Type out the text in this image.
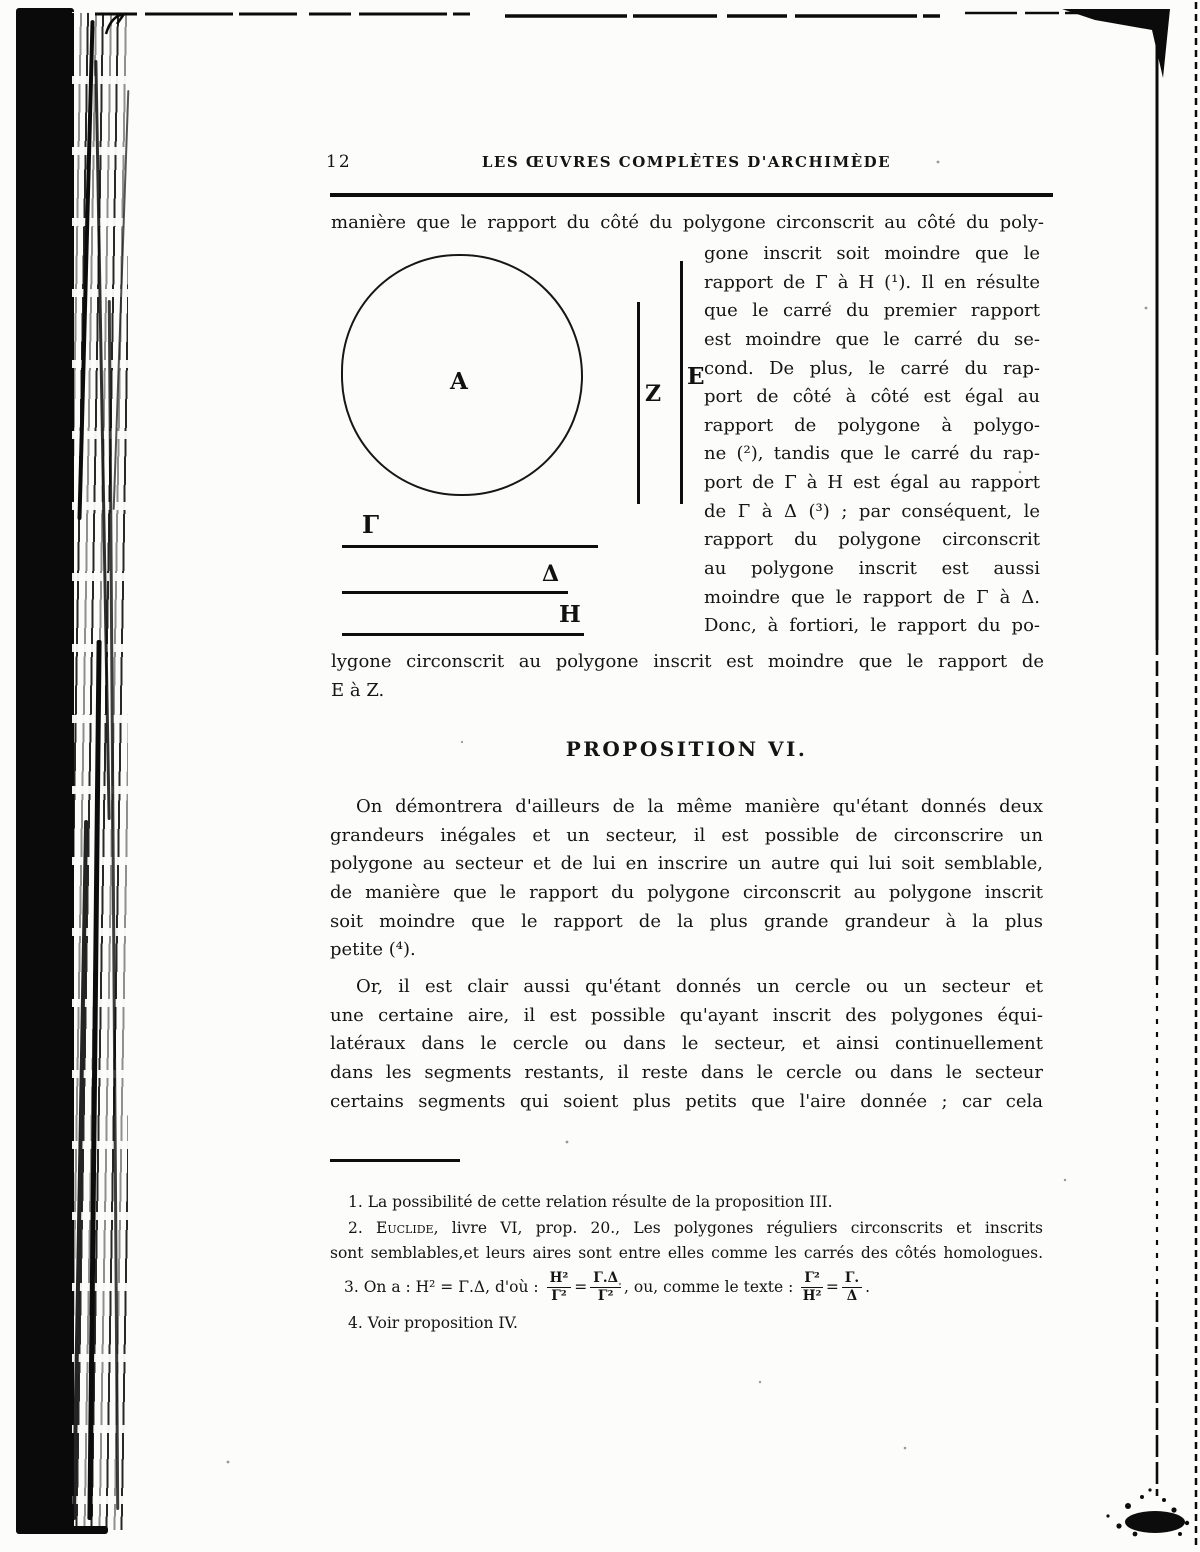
12	LES ŒUVRES COMPLÈTES D'ARCHIMÈDE
manière que le rapport du côté du polygone circonscrit au côté du poly-
A	Z
E
Γ
Δ
H
gone inscrit soit moindre que le
rapport de Γ à H (¹). Il en résulte
que le carré du premier rapport
est moindre que le carré du se-
cond. De plus, le carré du rap-
port de côté à côté est égal au
rapport de polygone à polygo-
ne (²), tandis que le carré du rap-
port de Γ à H est égal au rapport
de Γ à Δ (³) ; par conséquent, le
rapport du polygone circonscrit
au polygone inscrit est aussi
moindre que le rapport de Γ à Δ.
Donc, à fortiori, le rapport du po-
lygone circonscrit au polygone inscrit est moindre que le rapport de
E à Z.
PROPOSITION VI.
On démontrera d'ailleurs de la même manière qu'étant donnés deux
grandeurs inégales et un secteur, il est possible de circonscrire un
polygone au secteur et de lui en inscrire un autre qui lui soit semblable,
de manière que le rapport du polygone circonscrit au polygone inscrit
soit moindre que le rapport de la plus grande grandeur à la plus
petite (⁴).
Or, il est clair aussi qu'étant donnés un cercle ou un secteur et
une certaine aire, il est possible qu'ayant inscrit des polygones équi-
latéraux dans le cercle ou dans le secteur, et ainsi continuellement
dans les segments restants, il reste dans le cercle ou dans le secteur
certains segments qui soient plus petits que l'aire donnée ; car cela
1. La possibilité de cette relation résulte de la proposition III.
2. Euclide, livre VI, prop. 20., Les polygones réguliers circonscrits et inscrits
sont semblables,et leurs aires sont entre elles comme les carrés des côtés homologues.
3. On a : H² = Γ.Δ, d'où : $\frac{\text{H²}}{\text{Γ²}} = \frac{\Gamma.\Delta}{\text{Γ²}}$ , ou, comme le texte : $\frac{\text{Γ²}}{\text{H²}} = \frac{\Gamma.}{\Delta}$ .
4. Voir proposition IV.
